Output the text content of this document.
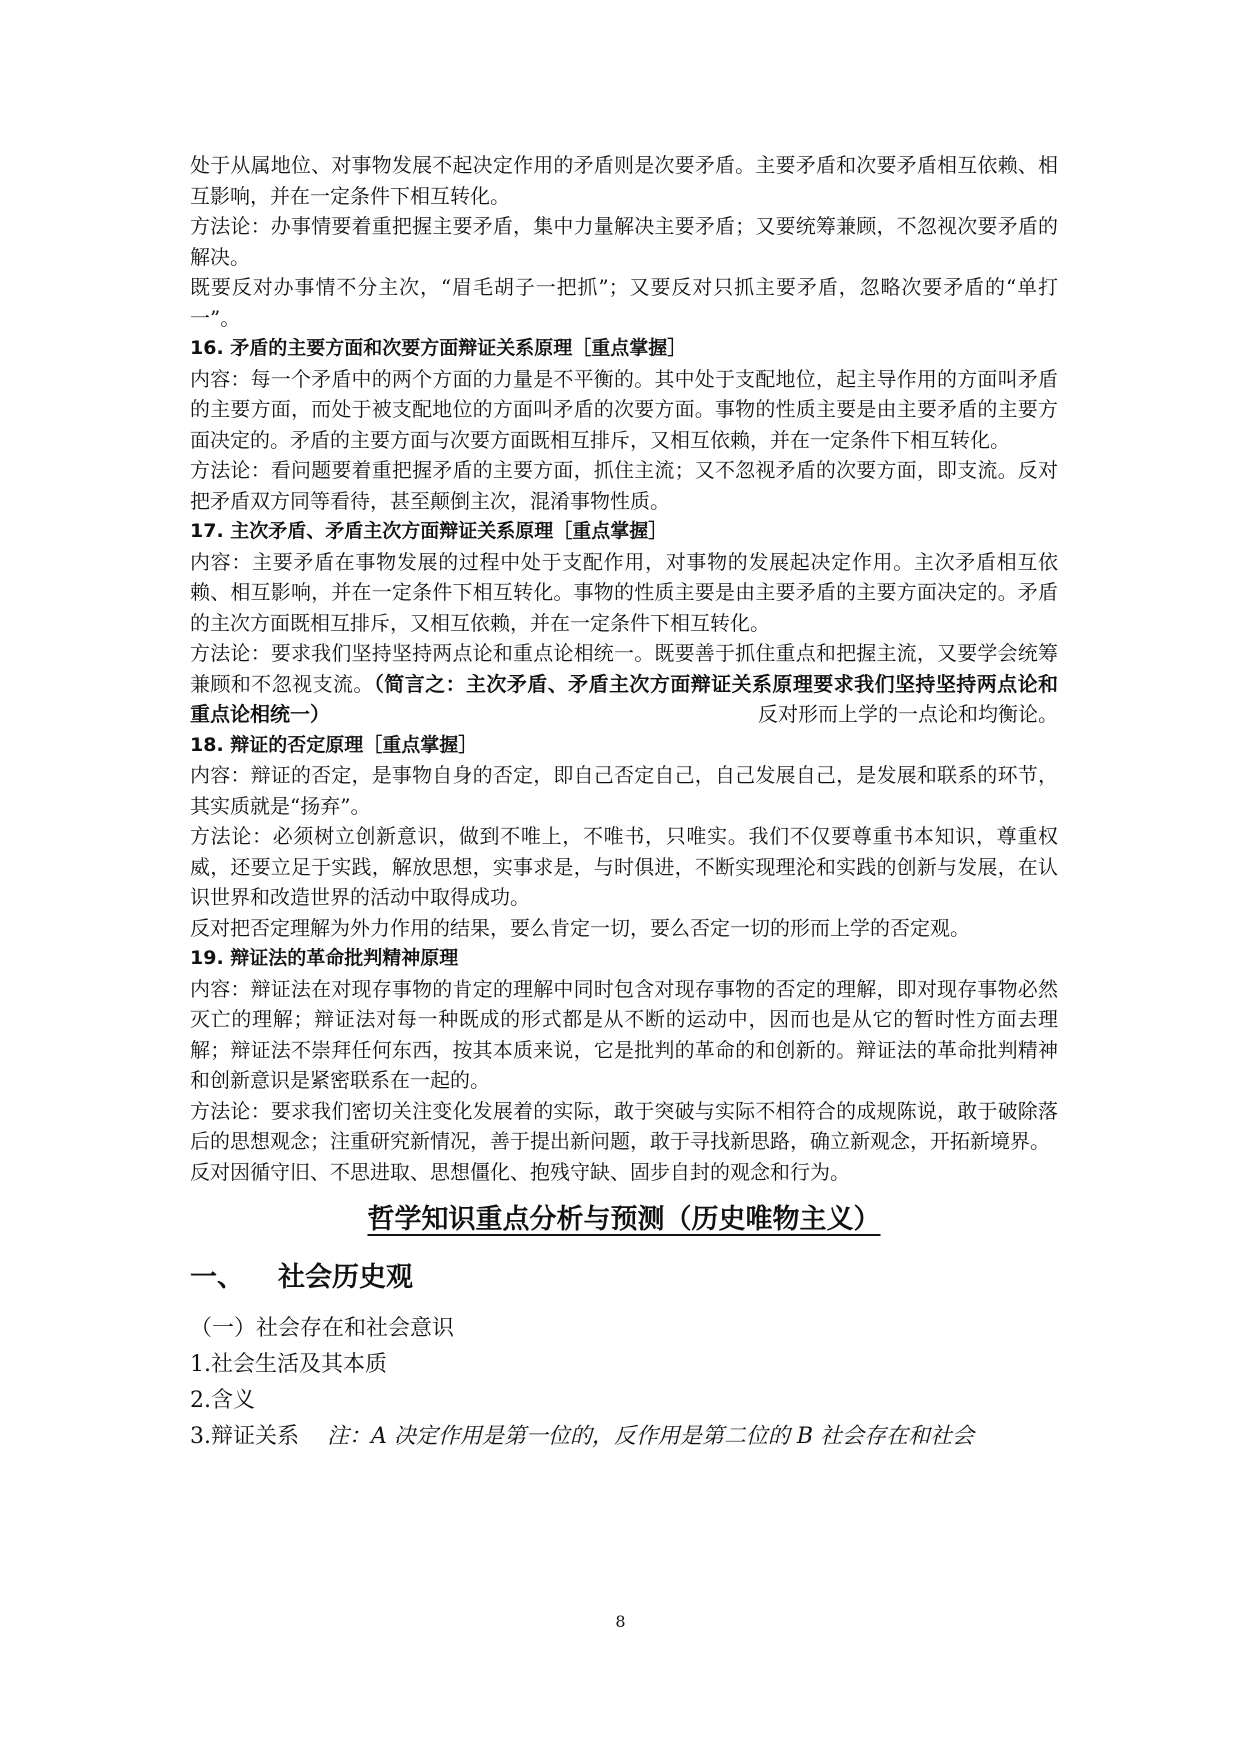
处于从属地位、对事物发展不起决定作用的矛盾则是次要矛盾。主要矛盾和次要矛盾相互依赖、相互影响，并在一定条件下相互转化。

方法论：办事情要着重把握主要矛盾，集中力量解决主要矛盾；又要统筹兼顾，不忽视次要矛盾的解决。

既要反对办事情不分主次，“眉毛胡子一把抓”；又要反对只抓主要矛盾，忽略次要矛盾的“单打一”。

16. 矛盾的主要方面和次要方面辩证关系原理［重点掌握］

内容：每一个矛盾中的两个方面的力量是不平衡的。其中处于支配地位，起主导作用的方面叫矛盾的主要方面，而处于被支配地位的方面叫矛盾的次要方面。事物的性质主要是由主要矛盾的主要方面决定的。矛盾的主要方面与次要方面既相互排斥，又相互依赖，并在一定条件下相互转化。

方法论：看问题要着重把握矛盾的主要方面，抓住主流；又不忽视矛盾的次要方面，即支流。反对把矛盾双方同等看待，甚至颠倒主次，混淆事物性质。

17. 主次矛盾、矛盾主次方面辩证关系原理［重点掌握］

内容：主要矛盾在事物发展的过程中处于支配作用，对事物的发展起决定作用。主次矛盾相互依赖、相互影响，并在一定条件下相互转化。事物的性质主要是由主要矛盾的主要方面决定的。矛盾的主次方面既相互排斥，又相互依赖，并在一定条件下相互转化。

方法论：要求我们坚持坚持两点论和重点论相统一。既要善于抓住重点和把握主流，又要学会统筹兼顾和不忽视支流。（简言之：主次矛盾、矛盾主次方面辩证关系原理要求我们坚持坚持两点论和重点论相统一）	反对形而上学的一点论和均衡论。

18. 辩证的否定原理［重点掌握］

内容：辩证的否定，是事物自身的否定，即自己否定自己，自己发展自己，是发展和联系的环节，其实质就是“扬弃”。

方法论：必须树立创新意识，做到不唯上，不唯书，只唯实。我们不仅要尊重书本知识，尊重权威，还要立足于实践，解放思想，实事求是，与时俱进，不断实现理沦和实践的创新与发展，在认识世界和改造世界的活动中取得成功。

反对把否定理解为外力作用的结果，要么肯定一切，要么否定一切的形而上学的否定观。

19. 辩证法的革命批判精神原理

内容：辩证法在对现存事物的肯定的理解中同时包含对现存事物的否定的理解，即对现存事物必然灭亡的理解；辩证法对每一种既成的形式都是从不断的运动中，因而也是从它的暂时性方面去理解；辩证法不崇拜任何东西，按其本质来说，它是批判的革命的和创新的。辩证法的革命批判精神和创新意识是紧密联系在一起的。

方法论：要求我们密切关注变化发展着的实际，敢于突破与实际不相符合的成规陈说，敢于破除落后的思想观念；注重研究新情况，善于提出新问题，敢于寻找新思路，确立新观念，开拓新境界。

反对因循守旧、不思进取、思想僵化、抱残守缺、固步自封的观念和行为。

哲学知识重点分析与预测（历史唯物主义）
一、 社会历史观

（一）社会存在和社会意识

1.社会生活及其本质

2.含义

3.辩证关系 注：A 决定作用是第一位的，反作用是第二位的 B 社会存在和社会

8
